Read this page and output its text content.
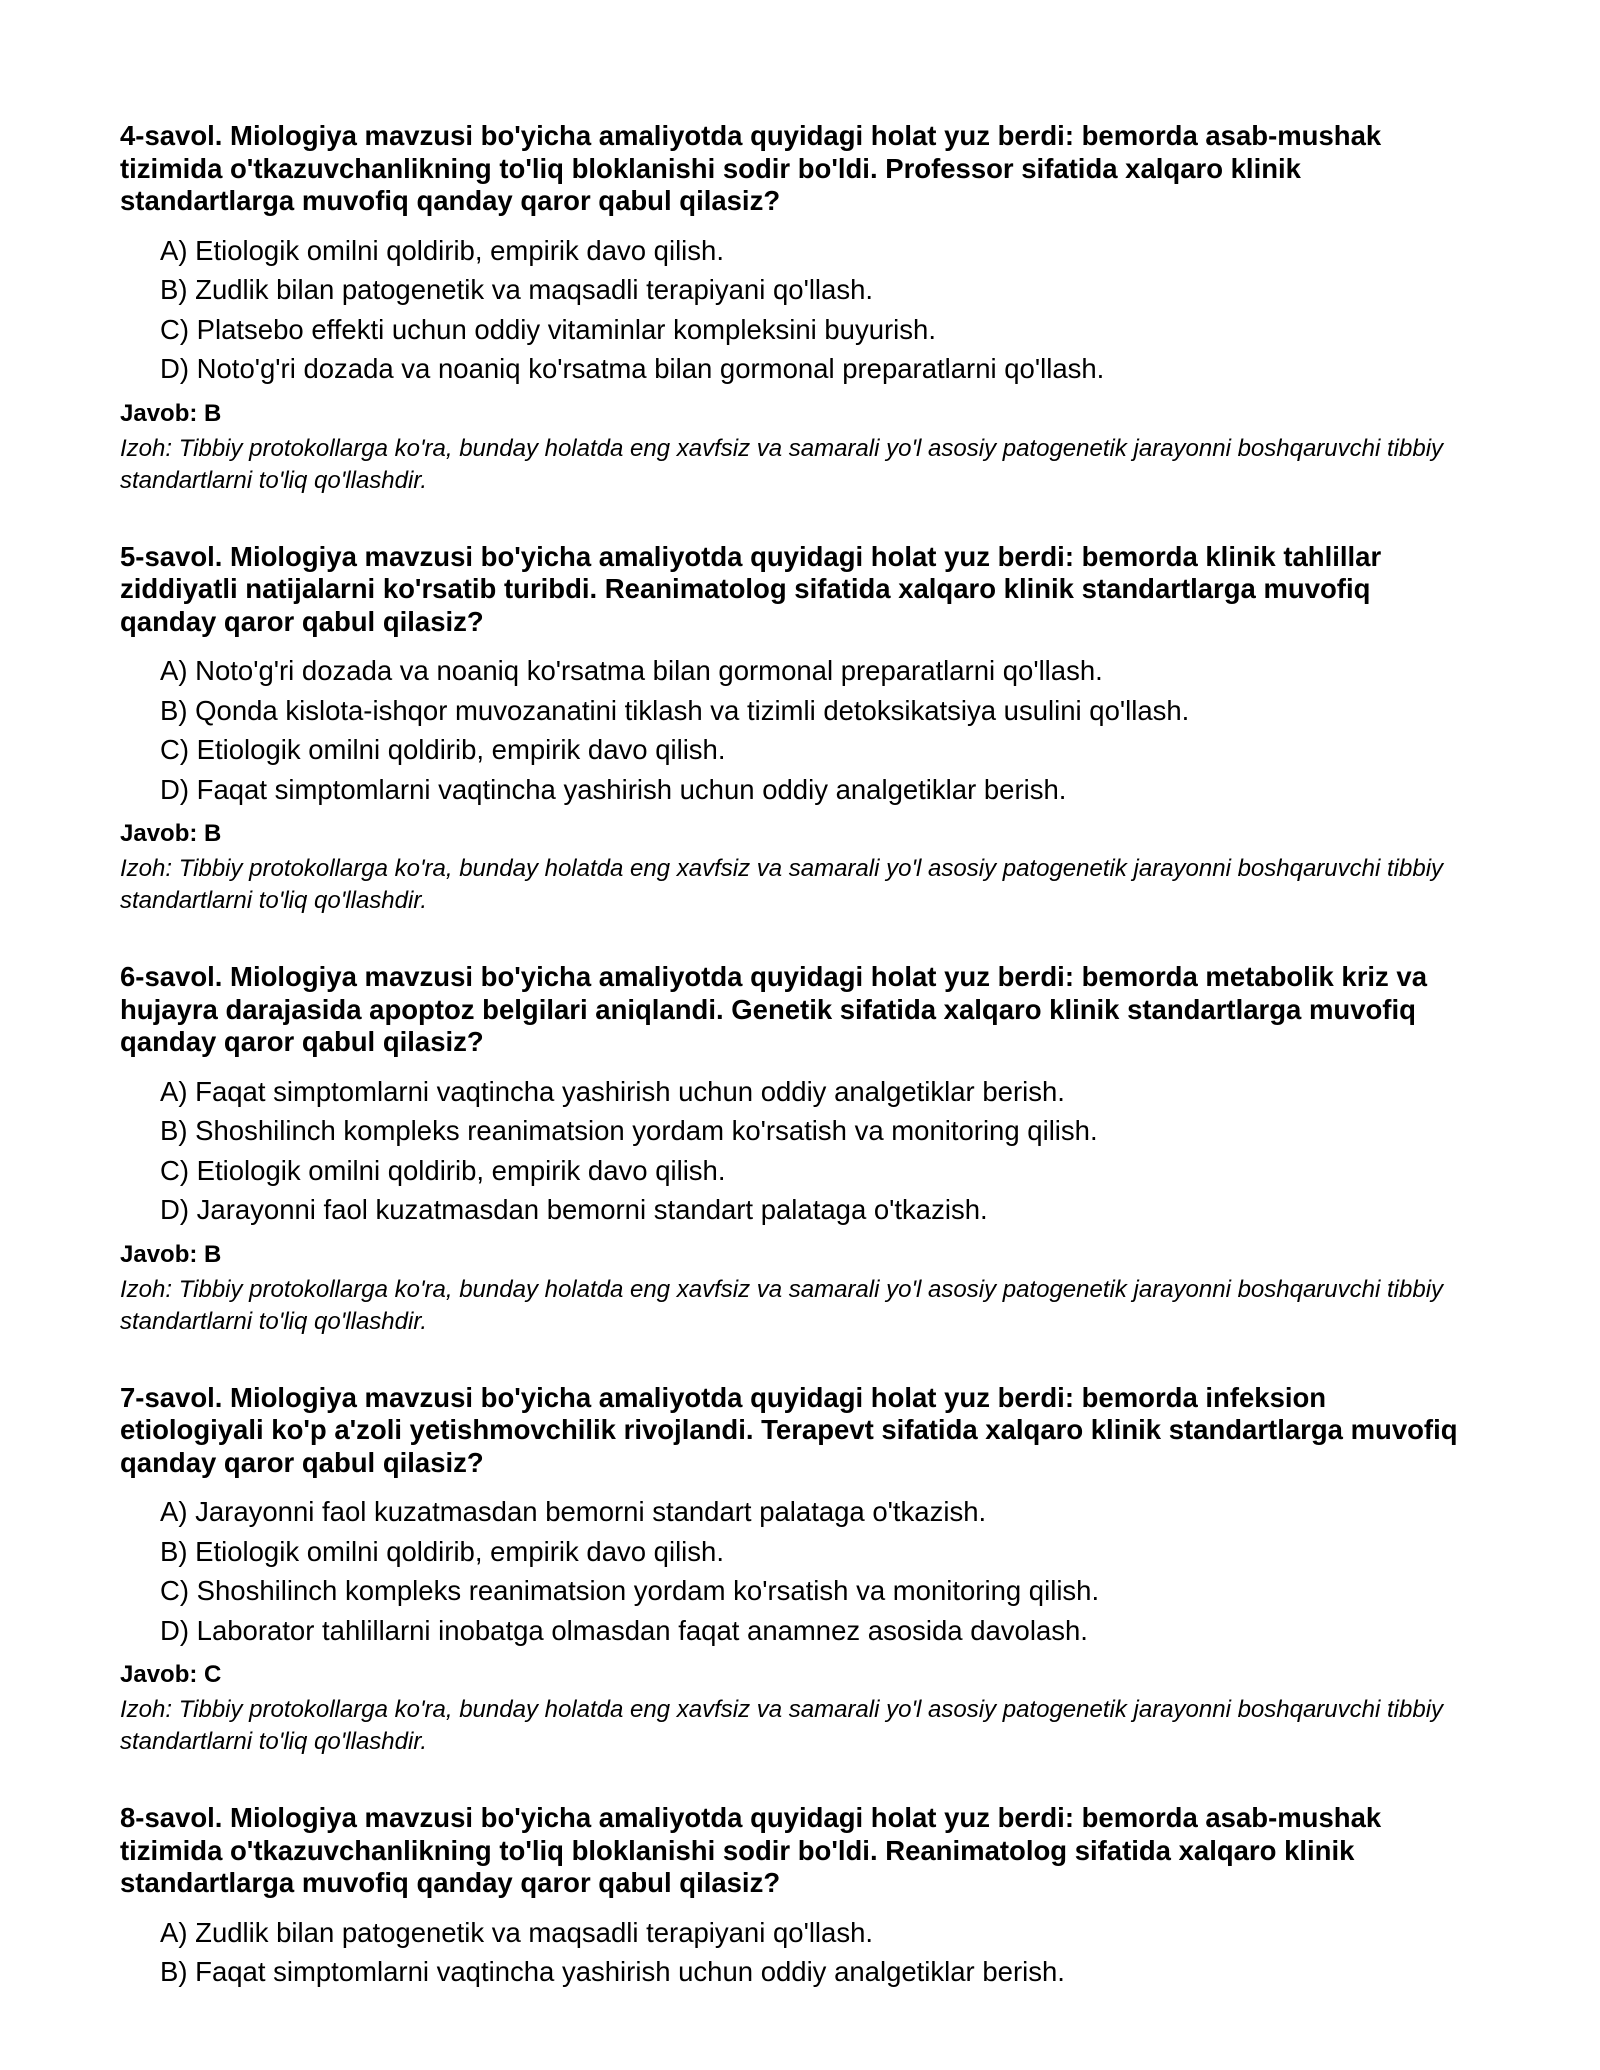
4-savol. Miologiya mavzusi bo'yicha amaliyotda quyidagi holat yuz berdi: bemorda asab-mushak tizimida o'tkazuvchanlikning to'liq bloklanishi sodir bo'ldi. Professor sifatida xalqaro klinik standartlarga muvofiq qanday qaror qabul qilasiz?

A) Etiologik omilni qoldirib, empirik davo qilish.
B) Zudlik bilan patogenetik va maqsadli terapiyani qo'llash.
C) Platsebo effekti uchun oddiy vitaminlar kompleksini buyurish.
D) Noto'g'ri dozada va noaniq ko'rsatma bilan gormonal preparatlarni qo'llash.

Javob: B

Izoh: Tibbiy protokollarga ko'ra, bunday holatda eng xavfsiz va samarali yo'l asosiy patogenetik jarayonni boshqaruvchi tibbiy standartlarni to'liq qo'llashdir.

5-savol. Miologiya mavzusi bo'yicha amaliyotda quyidagi holat yuz berdi: bemorda klinik tahlillar ziddiyatli natijalarni ko'rsatib turibdi. Reanimatolog sifatida xalqaro klinik standartlarga muvofiq qanday qaror qabul qilasiz?

A) Noto'g'ri dozada va noaniq ko'rsatma bilan gormonal preparatlarni qo'llash.
B) Qonda kislota-ishqor muvozanatini tiklash va tizimli detoksikatsiya usulini qo'llash.
C) Etiologik omilni qoldirib, empirik davo qilish.
D) Faqat simptomlarni vaqtincha yashirish uchun oddiy analgetiklar berish.

Javob: B

Izoh: Tibbiy protokollarga ko'ra, bunday holatda eng xavfsiz va samarali yo'l asosiy patogenetik jarayonni boshqaruvchi tibbiy standartlarni to'liq qo'llashdir.

6-savol. Miologiya mavzusi bo'yicha amaliyotda quyidagi holat yuz berdi: bemorda metabolik kriz va hujayra darajasida apoptoz belgilari aniqlandi. Genetik sifatida xalqaro klinik standartlarga muvofiq qanday qaror qabul qilasiz?

A) Faqat simptomlarni vaqtincha yashirish uchun oddiy analgetiklar berish.
B) Shoshilinch kompleks reanimatsion yordam ko'rsatish va monitoring qilish.
C) Etiologik omilni qoldirib, empirik davo qilish.
D) Jarayonni faol kuzatmasdan bemorni standart palataga o'tkazish.

Javob: B

Izoh: Tibbiy protokollarga ko'ra, bunday holatda eng xavfsiz va samarali yo'l asosiy patogenetik jarayonni boshqaruvchi tibbiy standartlarni to'liq qo'llashdir.

7-savol. Miologiya mavzusi bo'yicha amaliyotda quyidagi holat yuz berdi: bemorda infeksion etiologiyali ko'p a'zoli yetishmovchilik rivojlandi. Terapevt sifatida xalqaro klinik standartlarga muvofiq qanday qaror qabul qilasiz?

A) Jarayonni faol kuzatmasdan bemorni standart palataga o'tkazish.
B) Etiologik omilni qoldirib, empirik davo qilish.
C) Shoshilinch kompleks reanimatsion yordam ko'rsatish va monitoring qilish.
D) Laborator tahlillarni inobatga olmasdan faqat anamnez asosida davolash.

Javob: C

Izoh: Tibbiy protokollarga ko'ra, bunday holatda eng xavfsiz va samarali yo'l asosiy patogenetik jarayonni boshqaruvchi tibbiy standartlarni to'liq qo'llashdir.

8-savol. Miologiya mavzusi bo'yicha amaliyotda quyidagi holat yuz berdi: bemorda asab-mushak tizimida o'tkazuvchanlikning to'liq bloklanishi sodir bo'ldi. Reanimatolog sifatida xalqaro klinik standartlarga muvofiq qanday qaror qabul qilasiz?

A) Zudlik bilan patogenetik va maqsadli terapiyani qo'llash.
B) Faqat simptomlarni vaqtincha yashirish uchun oddiy analgetiklar berish.
